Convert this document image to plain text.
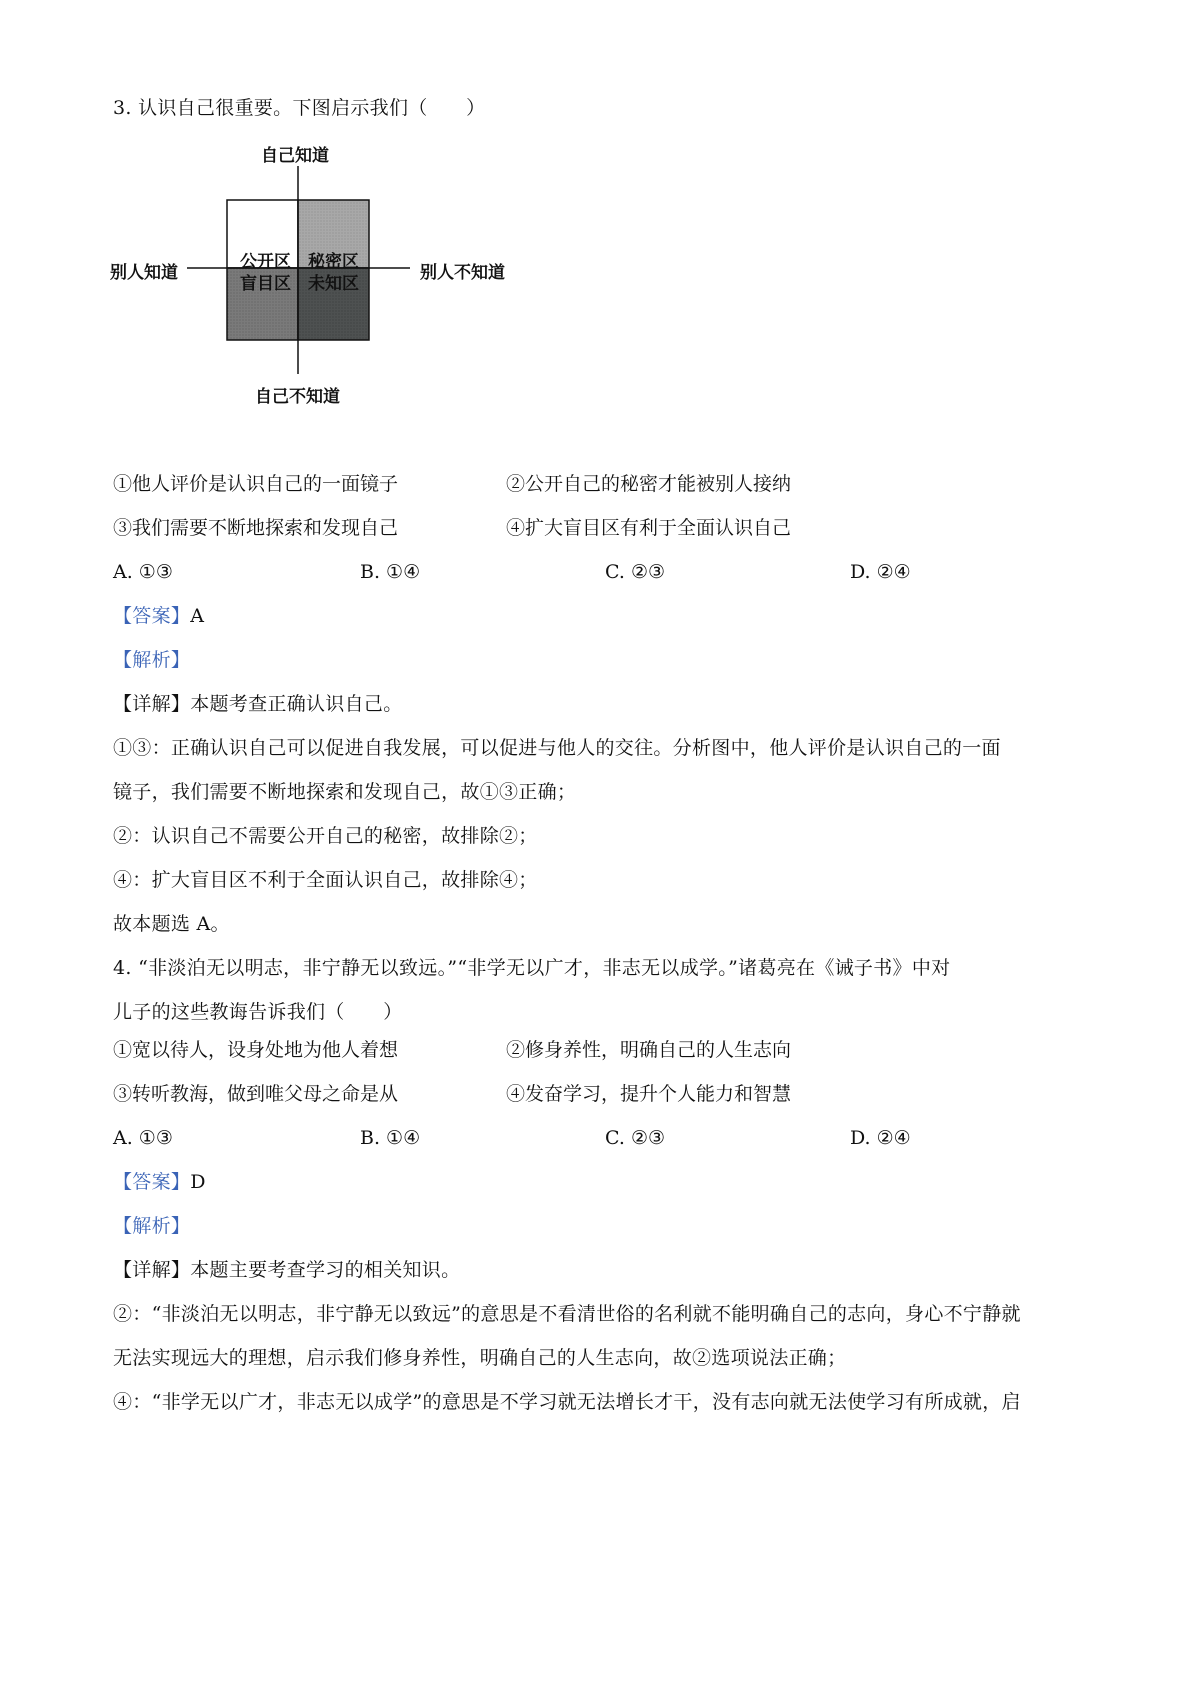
3. 认识自己很重要。下图启示我们（　　）
自己知道
自己不知道
别人知道	别人不知道
公开区 秘密区
盲目区 未知区
①他人评价是认识自己的一面镜子	②公开自己的秘密才能被别人接纳
③我们需要不断地探索和发现自己	④扩大盲目区有利于全面认识自己
A. ①③	B. ①④	C. ②③	D. ②④
【答案】A
【解析】
【详解】本题考查正确认识自己。
①③：正确认识自己可以促进自我发展，可以促进与他人的交往。分析图中，他人评价是认识自己的一面
镜子，我们需要不断地探索和发现自己，故①③正确；
②：认识自己不需要公开自己的秘密，故排除②；
④：扩大盲目区不利于全面认识自己，故排除④；
故本题选 A。
4. “非淡泊无以明志，非宁静无以致远。”“非学无以广才，非志无以成学。”诸葛亮在《诫子书》中对
儿子的这些教诲告诉我们（　　）
①宽以待人，设身处地为他人着想	②修身养性，明确自己的人生志向
③转听教海，做到唯父母之命是从	④发奋学习，提升个人能力和智慧
A. ①③	B. ①④	C. ②③	D. ②④
【答案】D
【解析】
【详解】本题主要考查学习的相关知识。
②：“非淡泊无以明志，非宁静无以致远”的意思是不看清世俗的名利就不能明确自己的志向，身心不宁静就
无法实现远大的理想，启示我们修身养性，明确自己的人生志向，故②选项说法正确；
④：“非学无以广才，非志无以成学”的意思是不学习就无法增长才干，没有志向就无法使学习有所成就，启
